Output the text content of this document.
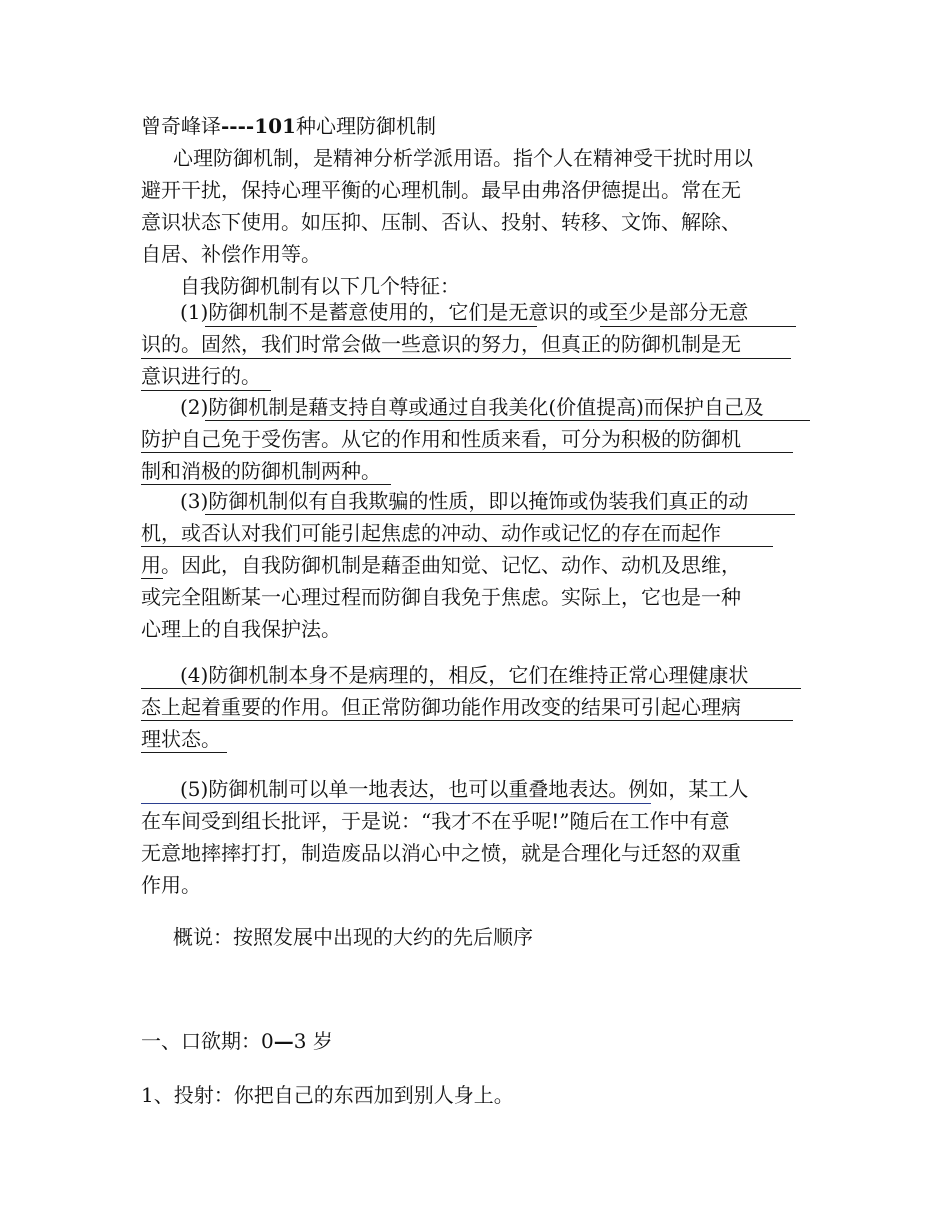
曾奇峰译----101种心理防御机制
心理防御机制，是精神分析学派用语。指个人在精神受干扰时用以
避开干扰，保持心理平衡的心理机制。最早由弗洛伊德提出。常在无
意识状态下使用。如压抑、压制、否认、投射、转移、文饰、解除、
自居、补偿作用等。
自我防御机制有以下几个特征：
(1)防御机制不是蓄意使用的，它们是无意识的或至少是部分无意
识的。固然，我们时常会做一些意识的努力，但真正的防御机制是无
意识进行的。
(2)防御机制是藉支持自尊或通过自我美化(价值提高)而保护自己及
防护自己免于受伤害。从它的作用和性质来看，可分为积极的防御机
制和消极的防御机制两种。
(3)防御机制似有自我欺骗的性质，即以掩饰或伪装我们真正的动
机，或否认对我们可能引起焦虑的冲动、动作或记忆的存在而起作
用。因此，自我防御机制是藉歪曲知觉、记忆、动作、动机及思维，
或完全阻断某一心理过程而防御自我免于焦虑。实际上，它也是一种
心理上的自我保护法。
(4)防御机制本身不是病理的，相反，它们在维持正常心理健康状
态上起着重要的作用。但正常防御功能作用改变的结果可引起心理病
理状态。
(5)防御机制可以单一地表达，也可以重叠地表达。例如，某工人
在车间受到组长批评，于是说：“我才不在乎呢!”随后在工作中有意
无意地摔摔打打，制造废品以消心中之愤，就是合理化与迁怒的双重
作用。
概说：按照发展中出现的大约的先后顺序
一、口欲期：0—3 岁
1、投射：你把自己的东西加到别人身上。
